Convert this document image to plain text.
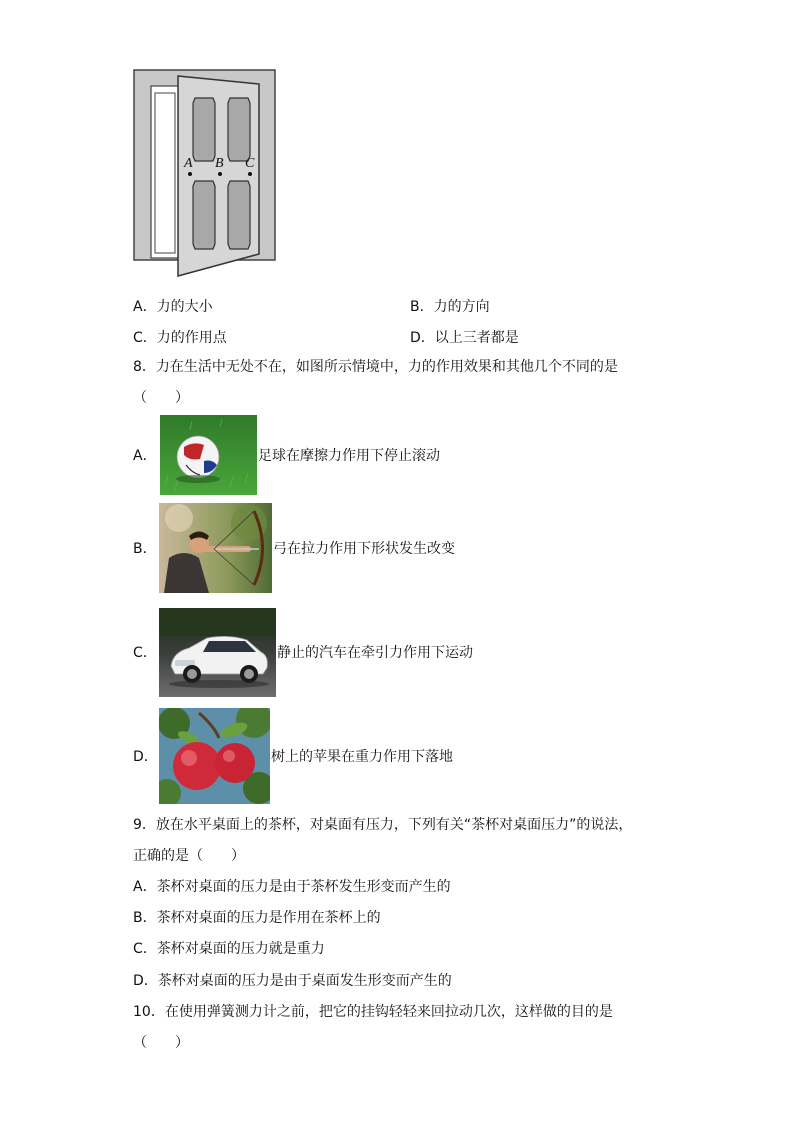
A B C
A．力的大小	B．力的方向
C．力的作用点	D．以上三者都是
8．力在生活中无处不在，如图所示情境中，力的作用效果和其他几个不同的是
（　　）
A．	足球在摩擦力作用下停止滚动
B．	弓在拉力作用下形状发生改变
C．	静止的汽车在牵引力作用下运动
D．	树上的苹果在重力作用下落地
9．放在水平桌面上的茶杯，对桌面有压力，下列有关“茶杯对桌面压力”的说法，
正确的是（　　）
A．茶杯对桌面的压力是由于茶杯发生形变而产生的
B．茶杯对桌面的压力是作用在茶杯上的
C．茶杯对桌面的压力就是重力
D．茶杯对桌面的压力是由于桌面发生形变而产生的
10．在使用弹簧测力计之前，把它的挂钩轻轻来回拉动几次，这样做的目的是
（　　）
